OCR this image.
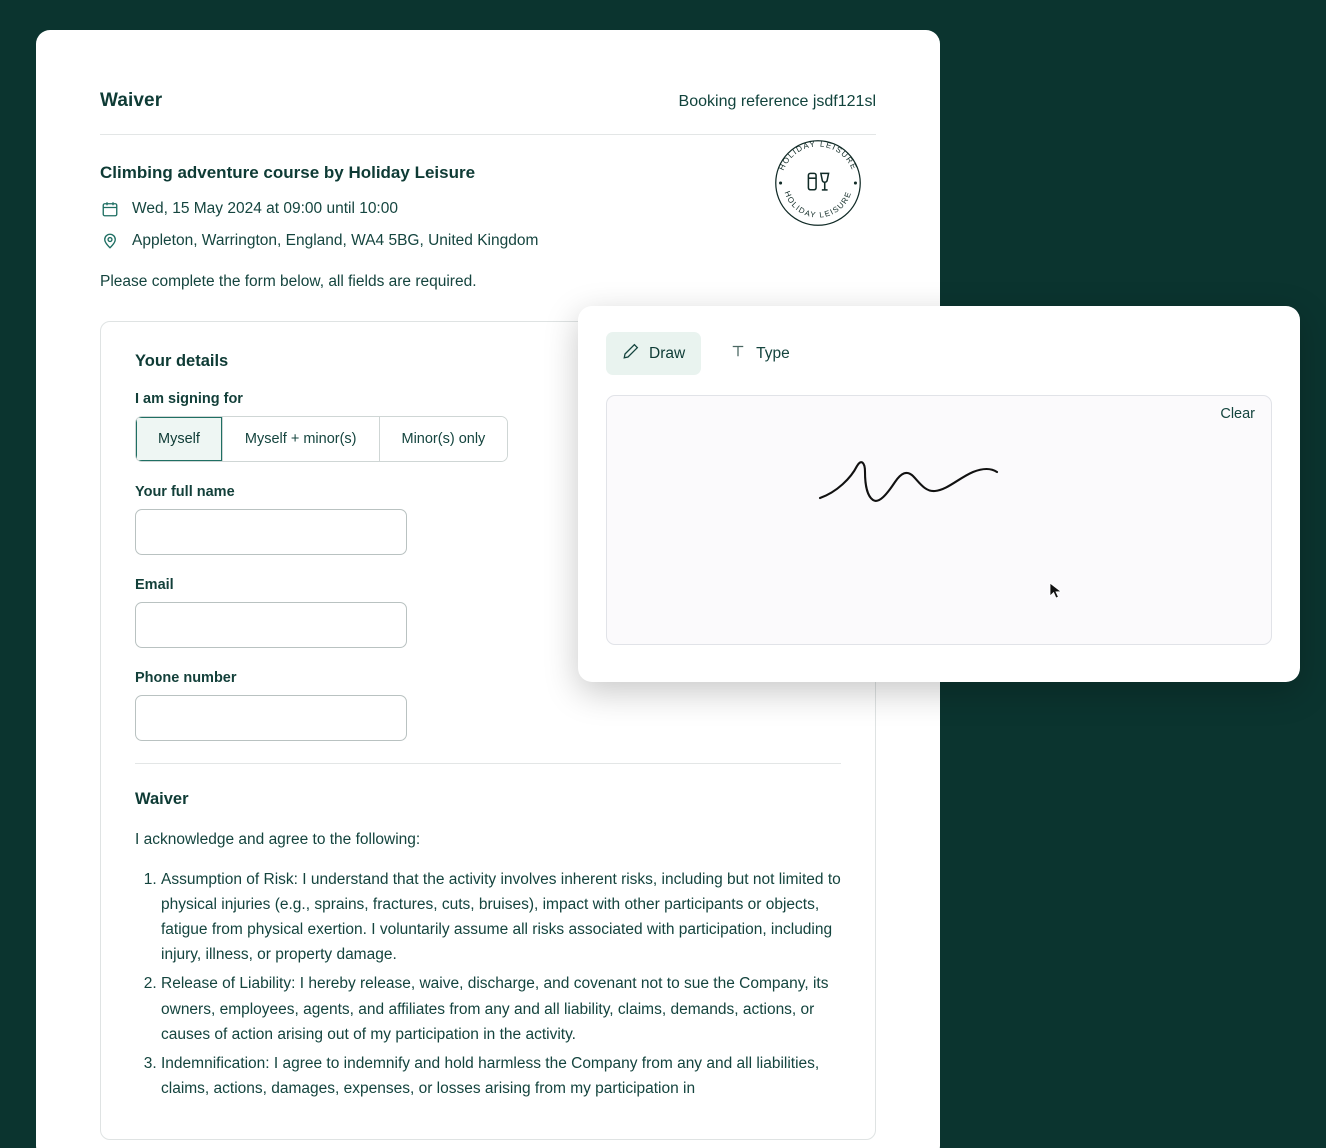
Waiver	Booking reference jsdf121sl
Climbing adventure course by Holiday Leisure
Wed, 15 May 2024 at 09:00 until 10:00
Appleton, Warrington, England, WA4 5BG, United Kingdom
Please complete the form below, all fields are required.
HOLIDAY LEISURE
HOLIDAY LEISURE
Your details
I am signing for
Myself	Myself + minor(s)	Minor(s) only
Your full name
Email
Phone number
Waiver

I acknowledge and agree to the following:

1. Assumption of Risk: I understand that the activity involves inherent risks, including but not limited to physical injuries (e.g., sprains, fractures, cuts, bruises), impact with other participants or objects, fatigue from physical exertion. I voluntarily assume all risks associated with participation, including injury, illness, or property damage.
2. Release of Liability: I hereby release, waive, discharge, and covenant not to sue the Company, its owners, employees, agents, and affiliates from any and all liability, claims, demands, actions, or causes of action arising out of my participation in the activity.
3. Indemnification: I agree to indemnify and hold harmless the Company from any and all liabilities, claims, actions, damages, expenses, or losses arising from my participation in
Draw	Type
Clear
